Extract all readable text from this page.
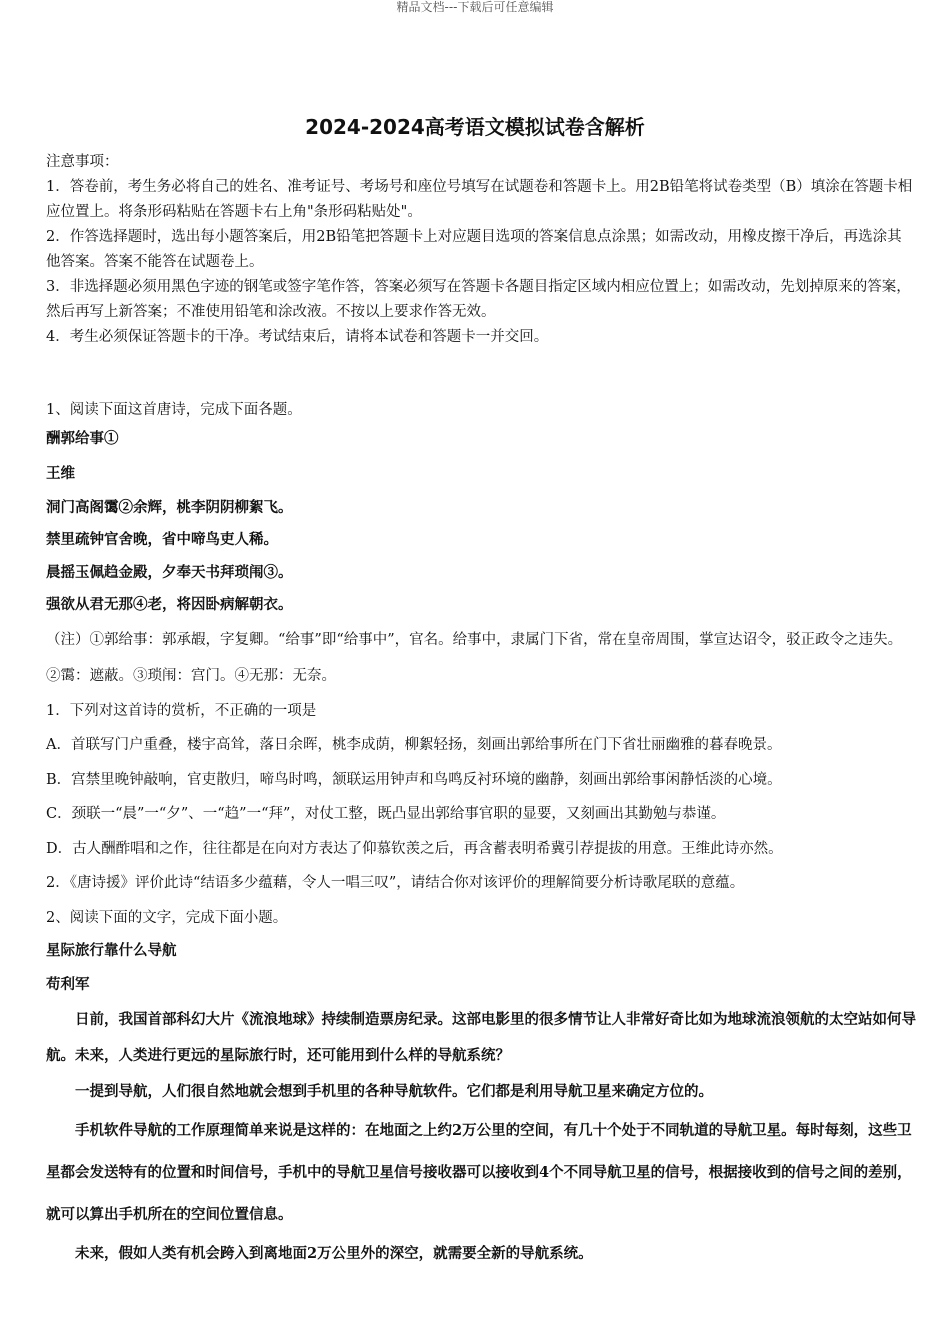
精品文档---下载后可任意编辑
2024-2024高考语文模拟试卷含解析

注意事项：

1．答卷前，考生务必将自己的姓名、准考证号、考场号和座位号填写在试题卷和答题卡上。用2B铅笔将试卷类型（B）填涂在答题卡相应位置上。将条形码粘贴在答题卡右上角"条形码粘贴处"。

2．作答选择题时，选出每小题答案后，用2B铅笔把答题卡上对应题目选项的答案信息点涂黑；如需改动，用橡皮擦干净后，再选涂其他答案。答案不能答在试题卷上。

3．非选择题必须用黑色字迹的钢笔或签字笔作答，答案必须写在答题卡各题目指定区域内相应位置上；如需改动，先划掉原来的答案，然后再写上新答案；不准使用铅笔和涂改液。不按以上要求作答无效。

4．考生必须保证答题卡的干净。考试结束后，请将本试卷和答题卡一并交回。

1、阅读下面这首唐诗，完成下面各题。

酬郭给事①

王维

洞门高阁霭②余辉，桃李阴阴柳絮飞。

禁里疏钟官舍晚，省中啼鸟吏人稀。

晨摇玉佩趋金殿，夕奉天书拜琐闱③。

强欲从君无那④老，将因卧病解朝衣。

（注）①郭给事：郭承嘏，字复卿。“给事”即“给事中”，官名。给事中，隶属门下省，常在皇帝周围，掌宣达诏令，驳正政令之违失。②霭：遮蔽。③琐闱：宫门。④无那：无奈。

1．下列对这首诗的赏析，不正确的一项是

A．首联写门户重叠，楼宇高耸，落日余晖，桃李成荫，柳絮轻扬，刻画出郭给事所在门下省壮丽幽雅的暮春晚景。

B．宫禁里晚钟敲响，官吏散归，啼鸟时鸣，颔联运用钟声和鸟鸣反衬环境的幽静，刻画出郭给事闲静恬淡的心境。

C．颈联一“晨”一“夕”、一“趋”一“拜”，对仗工整，既凸显出郭给事官职的显要，又刻画出其勤勉与恭谨。

D．古人酬酢唱和之作，往往都是在向对方表达了仰慕钦羡之后，再含蓄表明希冀引荐提拔的用意。王维此诗亦然。

2．《唐诗援》评价此诗“结语多少蕴藉，令人一唱三叹”，请结合你对该评价的理解简要分析诗歌尾联的意蕴。

2、阅读下面的文字，完成下面小题。

星际旅行靠什么导航

苟利军

日前，我国首部科幻大片《流浪地球》持续制造票房纪录。这部电影里的很多情节让人非常好奇比如为地球流浪领航的太空站如何导航。未来，人类进行更远的星际旅行时，还可能用到什么样的导航系统？

一提到导航，人们很自然地就会想到手机里的各种导航软件。它们都是利用导航卫星来确定方位的。

手机软件导航的工作原理简单来说是这样的：在地面之上约2万公里的空间，有几十个处于不同轨道的导航卫星。每时每刻，这些卫星都会发送特有的位置和时间信号，手机中的导航卫星信号接收器可以接收到4个不同导航卫星的信号，根据接收到的信号之间的差别，就可以算出手机所在的空间位置信息。

未来，假如人类有机会跨入到离地面2万公里外的深空，就需要全新的导航系统。
